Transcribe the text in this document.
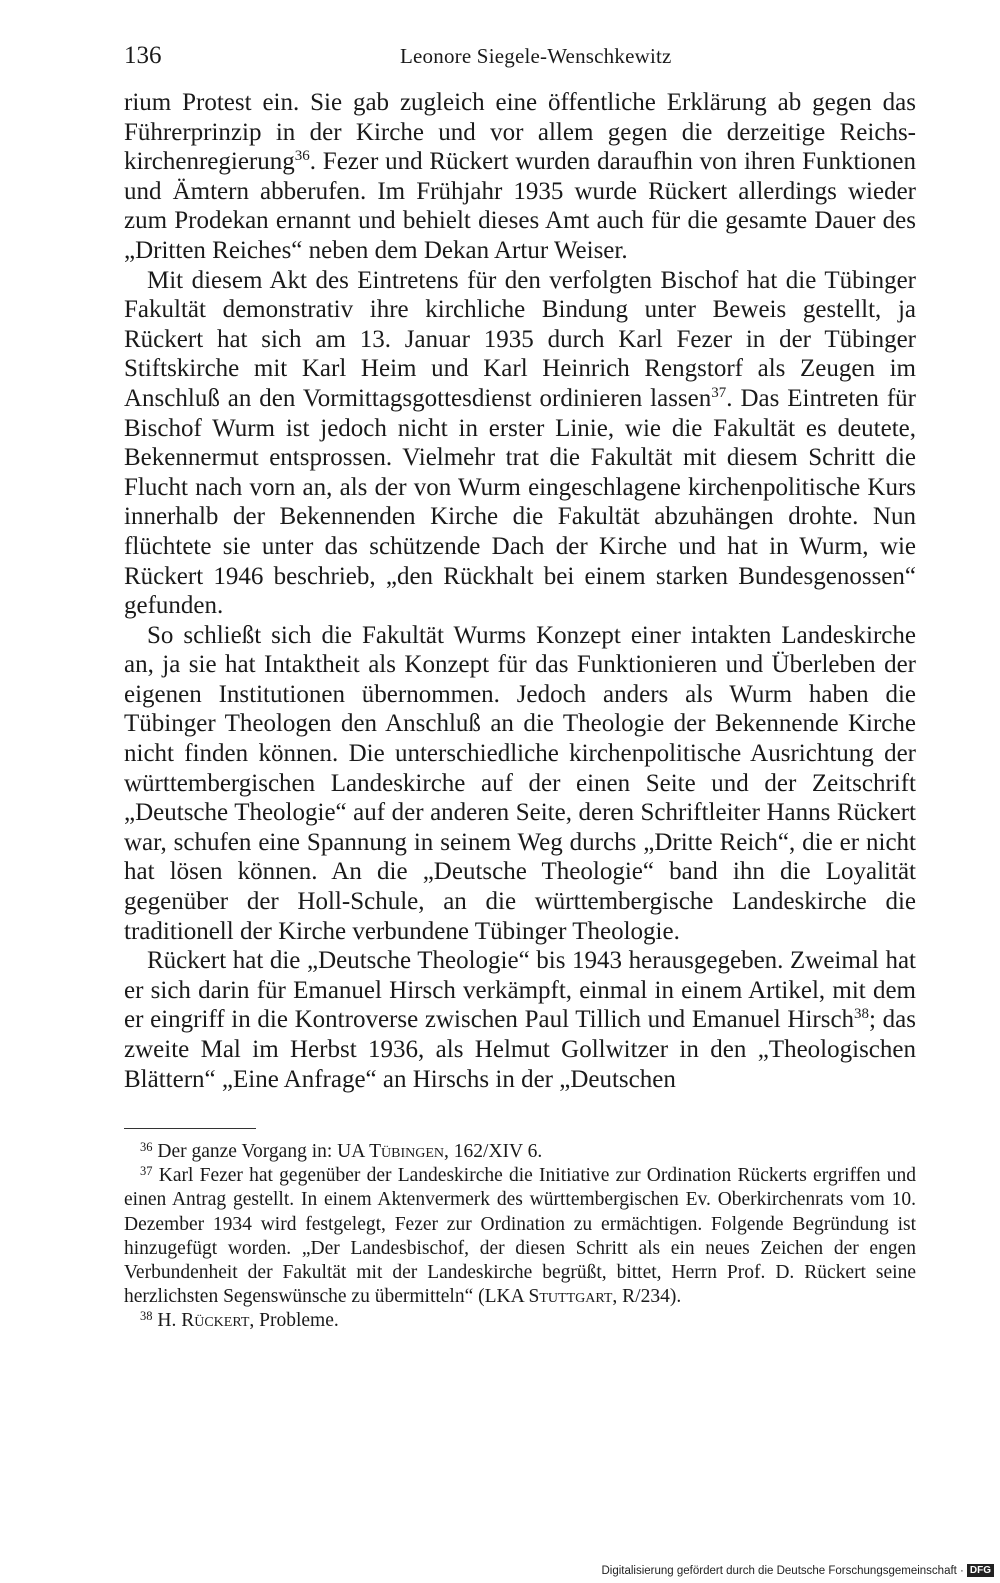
136	Leonore Siegele-Wenschkewitz

rium Protest ein. Sie gab zugleich eine öffentliche Erklärung ab gegen das Führerprinzip in der Kirche und vor allem gegen die derzeitige Reichskirchenregierung$^{36}$. Fezer und Rückert wurden daraufhin von ihren Funktionen und Ämtern abberufen. Im Frühjahr 1935 wurde Rückert allerdings wieder zum Prodekan ernannt und behielt dieses Amt auch für die gesamte Dauer des „Dritten Reiches“ neben dem Dekan Artur Weiser.

Mit diesem Akt des Eintretens für den verfolgten Bischof hat die Tübinger Fakultät demonstrativ ihre kirchliche Bindung unter Beweis gestellt, ja Rückert hat sich am 13. Januar 1935 durch Karl Fezer in der Tübinger Stiftskirche mit Karl Heim und Karl Heinrich Rengstorf als Zeugen im Anschluß an den Vormittagsgottesdienst ordinieren lassen$^{37}$. Das Eintreten für Bischof Wurm ist jedoch nicht in erster Linie, wie die Fakultät es deutete, Bekennermut entsprossen. Vielmehr trat die Fakultät mit diesem Schritt die Flucht nach vorn an, als der von Wurm eingeschlagene kirchenpolitische Kurs innerhalb der Bekennenden Kirche die Fakultät abzuhängen drohte. Nun flüchtete sie unter das schützende Dach der Kirche und hat in Wurm, wie Rückert 1946 beschrieb, „den Rückhalt bei einem starken Bundesgenossen“ gefunden.

So schließt sich die Fakultät Wurms Konzept einer intakten Landeskirche an, ja sie hat Intaktheit als Konzept für das Funktionieren und Überleben der eigenen Institutionen übernommen. Jedoch anders als Wurm haben die Tübinger Theologen den Anschluß an die Theologie der Bekennende Kirche nicht finden können. Die unterschiedliche kirchenpolitische Ausrichtung der württembergischen Landeskirche auf der einen Seite und der Zeitschrift „Deutsche Theologie“ auf der anderen Seite, deren Schriftleiter Hanns Rückert war, schufen eine Spannung in seinem Weg durchs „Dritte Reich“, die er nicht hat lösen können. An die „Deutsche Theologie“ band ihn die Loyalität gegenüber der Holl-Schule, an die württembergische Landeskirche die traditionell der Kirche verbundene Tübinger Theologie.

Rückert hat die „Deutsche Theologie“ bis 1943 herausgegeben. Zweimal hat er sich darin für Emanuel Hirsch verkämpft, einmal in einem Artikel, mit dem er eingriff in die Kontroverse zwischen Paul Tillich und Emanuel Hirsch$^{38}$; das zweite Mal im Herbst 1936, als Helmut Gollwitzer in den „Theologischen Blättern“ „Eine Anfrage“ an Hirschs in der „Deutschen

$^{36}$ Der ganze Vorgang in: UA Tübingen, 162/XIV 6.

$^{37}$ Karl Fezer hat gegenüber der Landeskirche die Initiative zur Ordination Rückerts ergriffen und einen Antrag gestellt. In einem Aktenvermerk des württembergischen Ev. Oberkirchenrats vom 10. Dezember 1934 wird festgelegt, Fezer zur Ordination zu ermächtigen. Folgende Begründung ist hinzugefügt worden. „Der Landesbischof, der diesen Schritt als ein neues Zeichen der engen Verbundenheit der Fakultät mit der Landeskirche begrüßt, bittet, Herrn Prof. D. Rückert seine herzlichsten Segenswünsche zu übermitteln“ (LKA Stuttgart, R/234).

$^{38}$ H. Rückert, Probleme.

Digitalisierung gefördert durch die Deutsche Forschungsgemeinschaft · DFG
